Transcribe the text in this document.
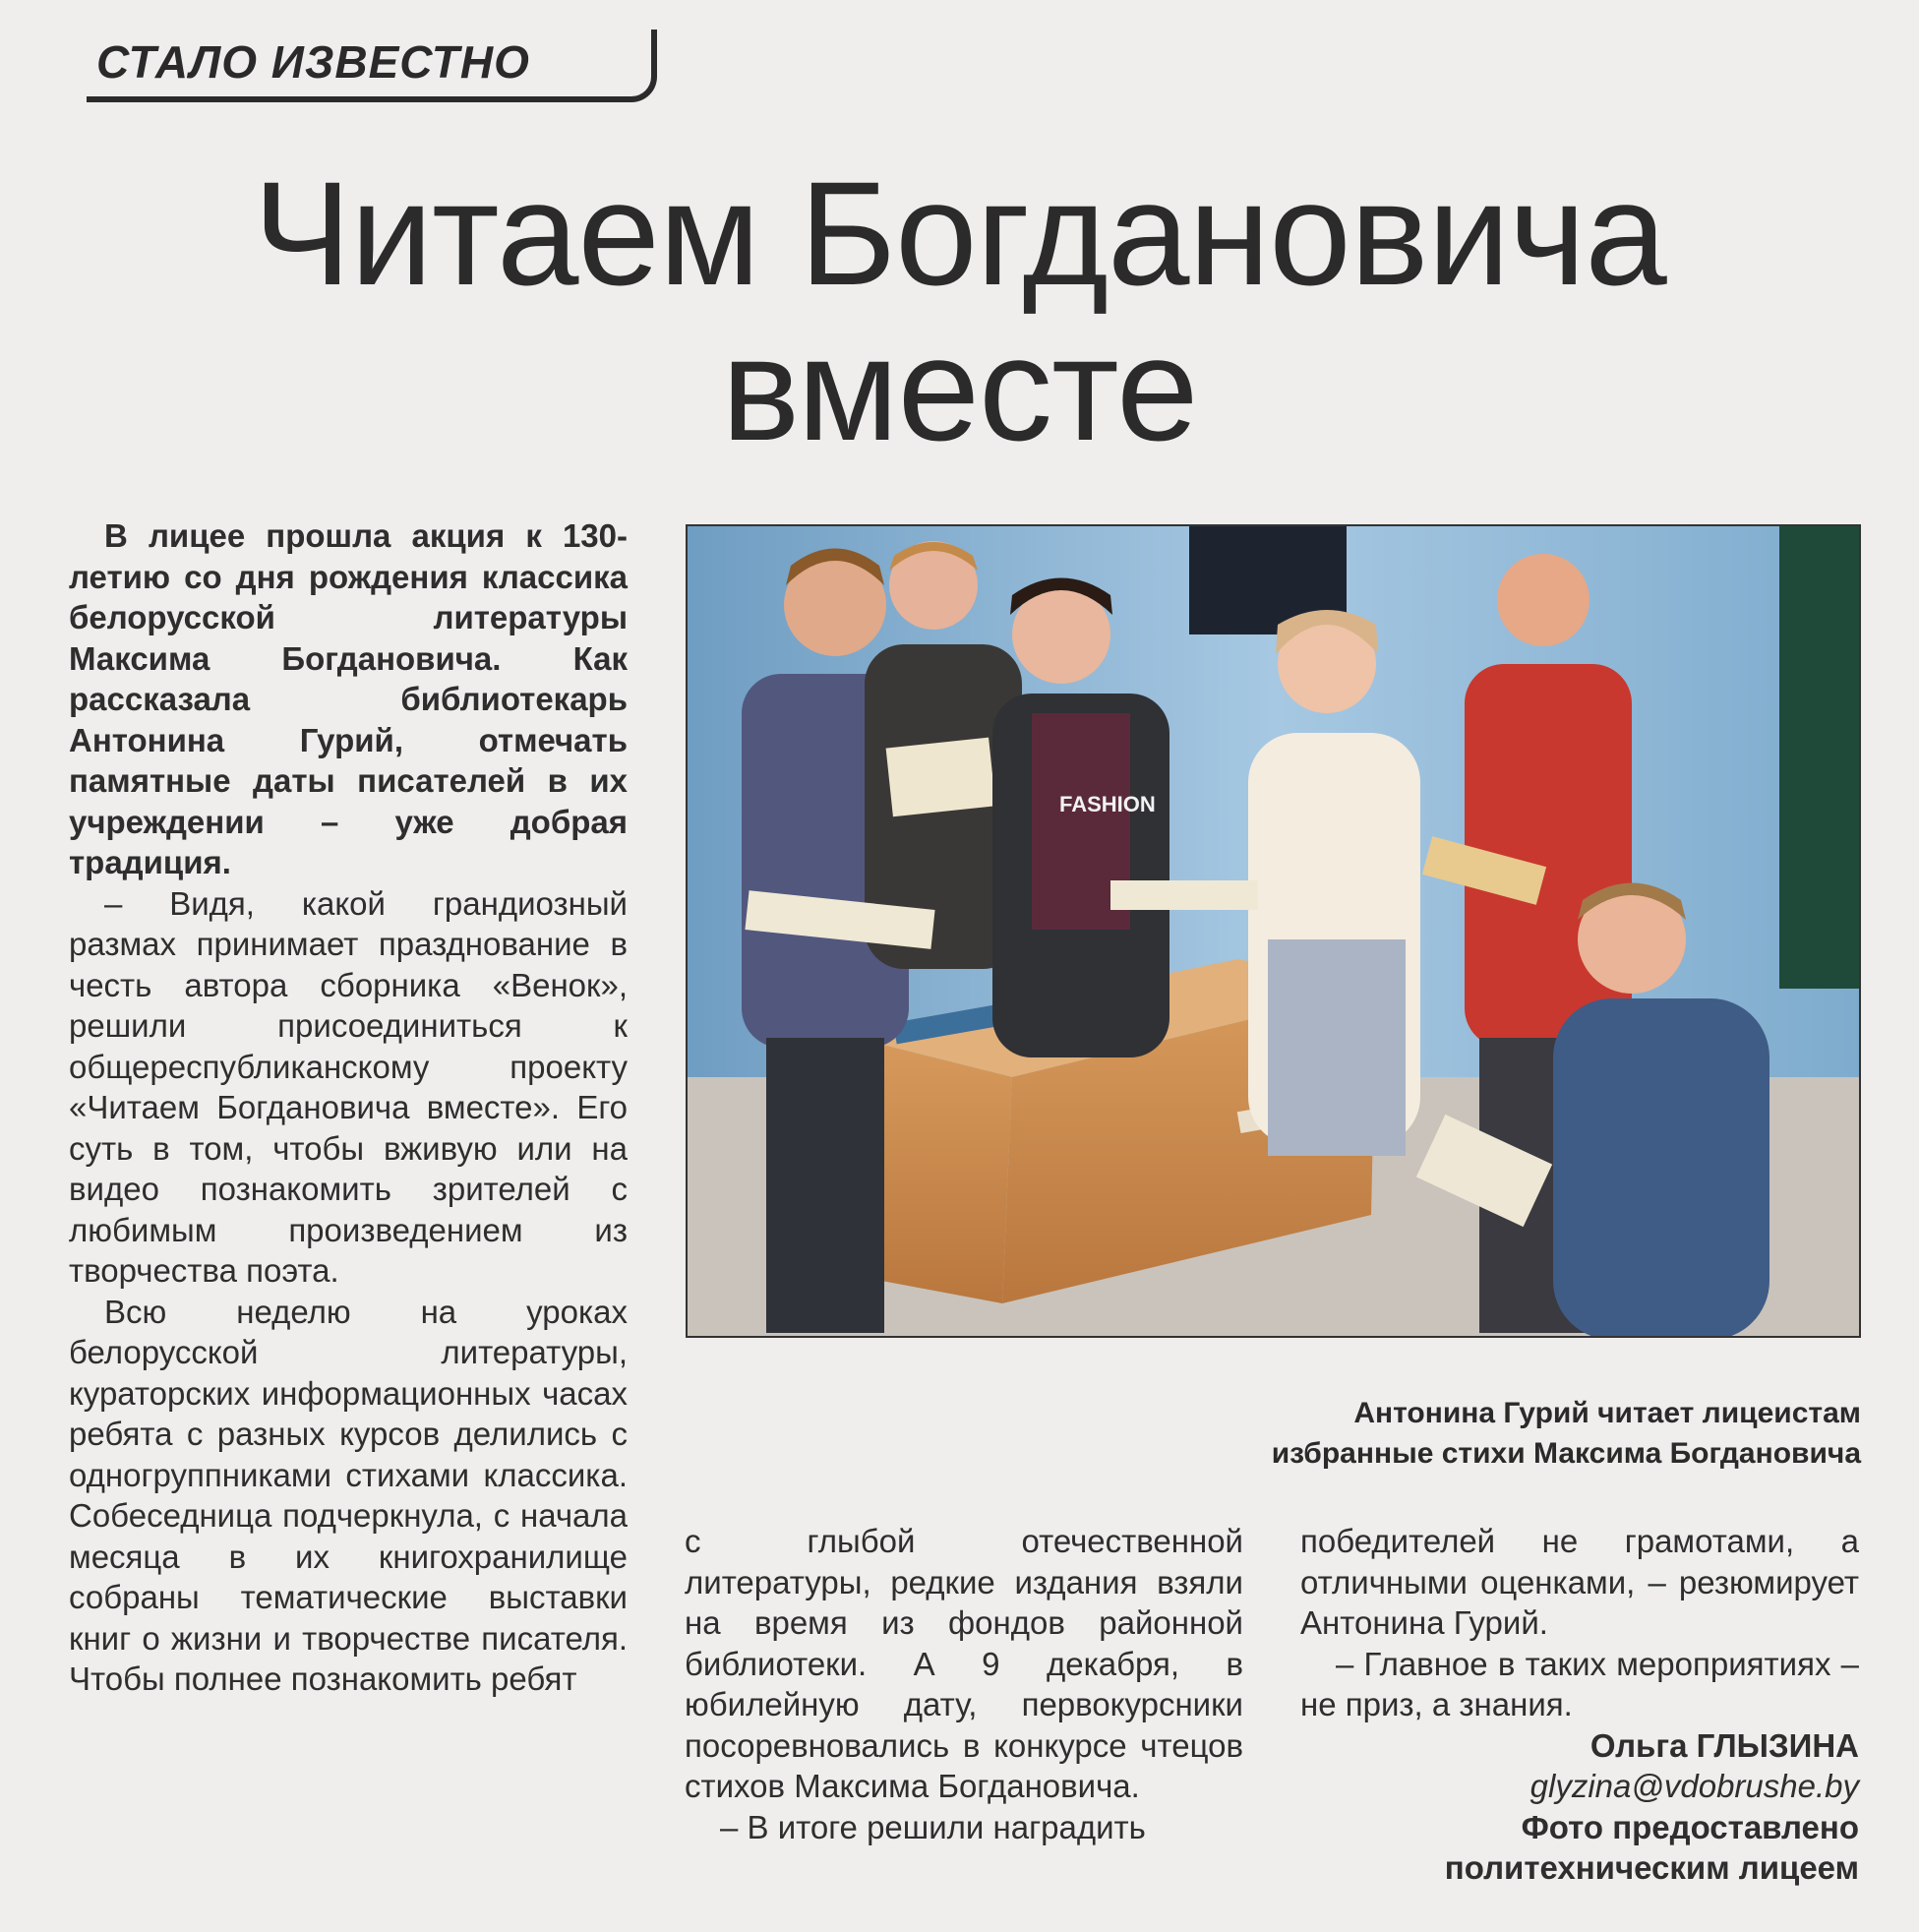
СТАЛО ИЗВЕСТНО
Читаем Богдановича
вместе

В лицее прошла акция к 130-летию со дня рождения классика белорусской литературы Максима Богдановича. Как рассказала библиотекарь Антонина Гурий, отмечать памятные даты писателей в их учреждении – уже добрая традиция.

– Видя, какой грандиозный размах принимает празднование в честь автора сборника «Венок», решили присоединиться к общереспубликанскому проекту «Читаем Богдановича вместе». Его суть в том, чтобы вживую или на видео познакомить зрителей с любимым произведением из творчества поэта.

Всю неделю на уроках белорусской литературы, кураторских информационных часах ребята с разных курсов делились с одногруппниками стихами классика. Собеседница подчеркнула, с начала месяца в их книгохранилище собраны тематические выставки книг о жизни и творчестве писателя. Чтобы полнее познакомить ребят

FASHION
Антонина Гурий читает лицеистам
избранные стихи Максима Богдановича

с глыбой отечественной литературы, редкие издания взяли на время из фондов районной библиотеки. А 9 декабря, в юбилейную дату, первокурсники посоревновались в конкурсе чтецов стихов Максима Богдановича.

– В итоге решили наградить

победителей не грамотами, а отличными оценками, – резюмирует Антонина Гурий.

– Главное в таких мероприятиях – не приз, а знания.

Ольга ГЛЫЗИНА
glyzina@vdobrushe.by
Фото предоставлено
политехническим лицеем
